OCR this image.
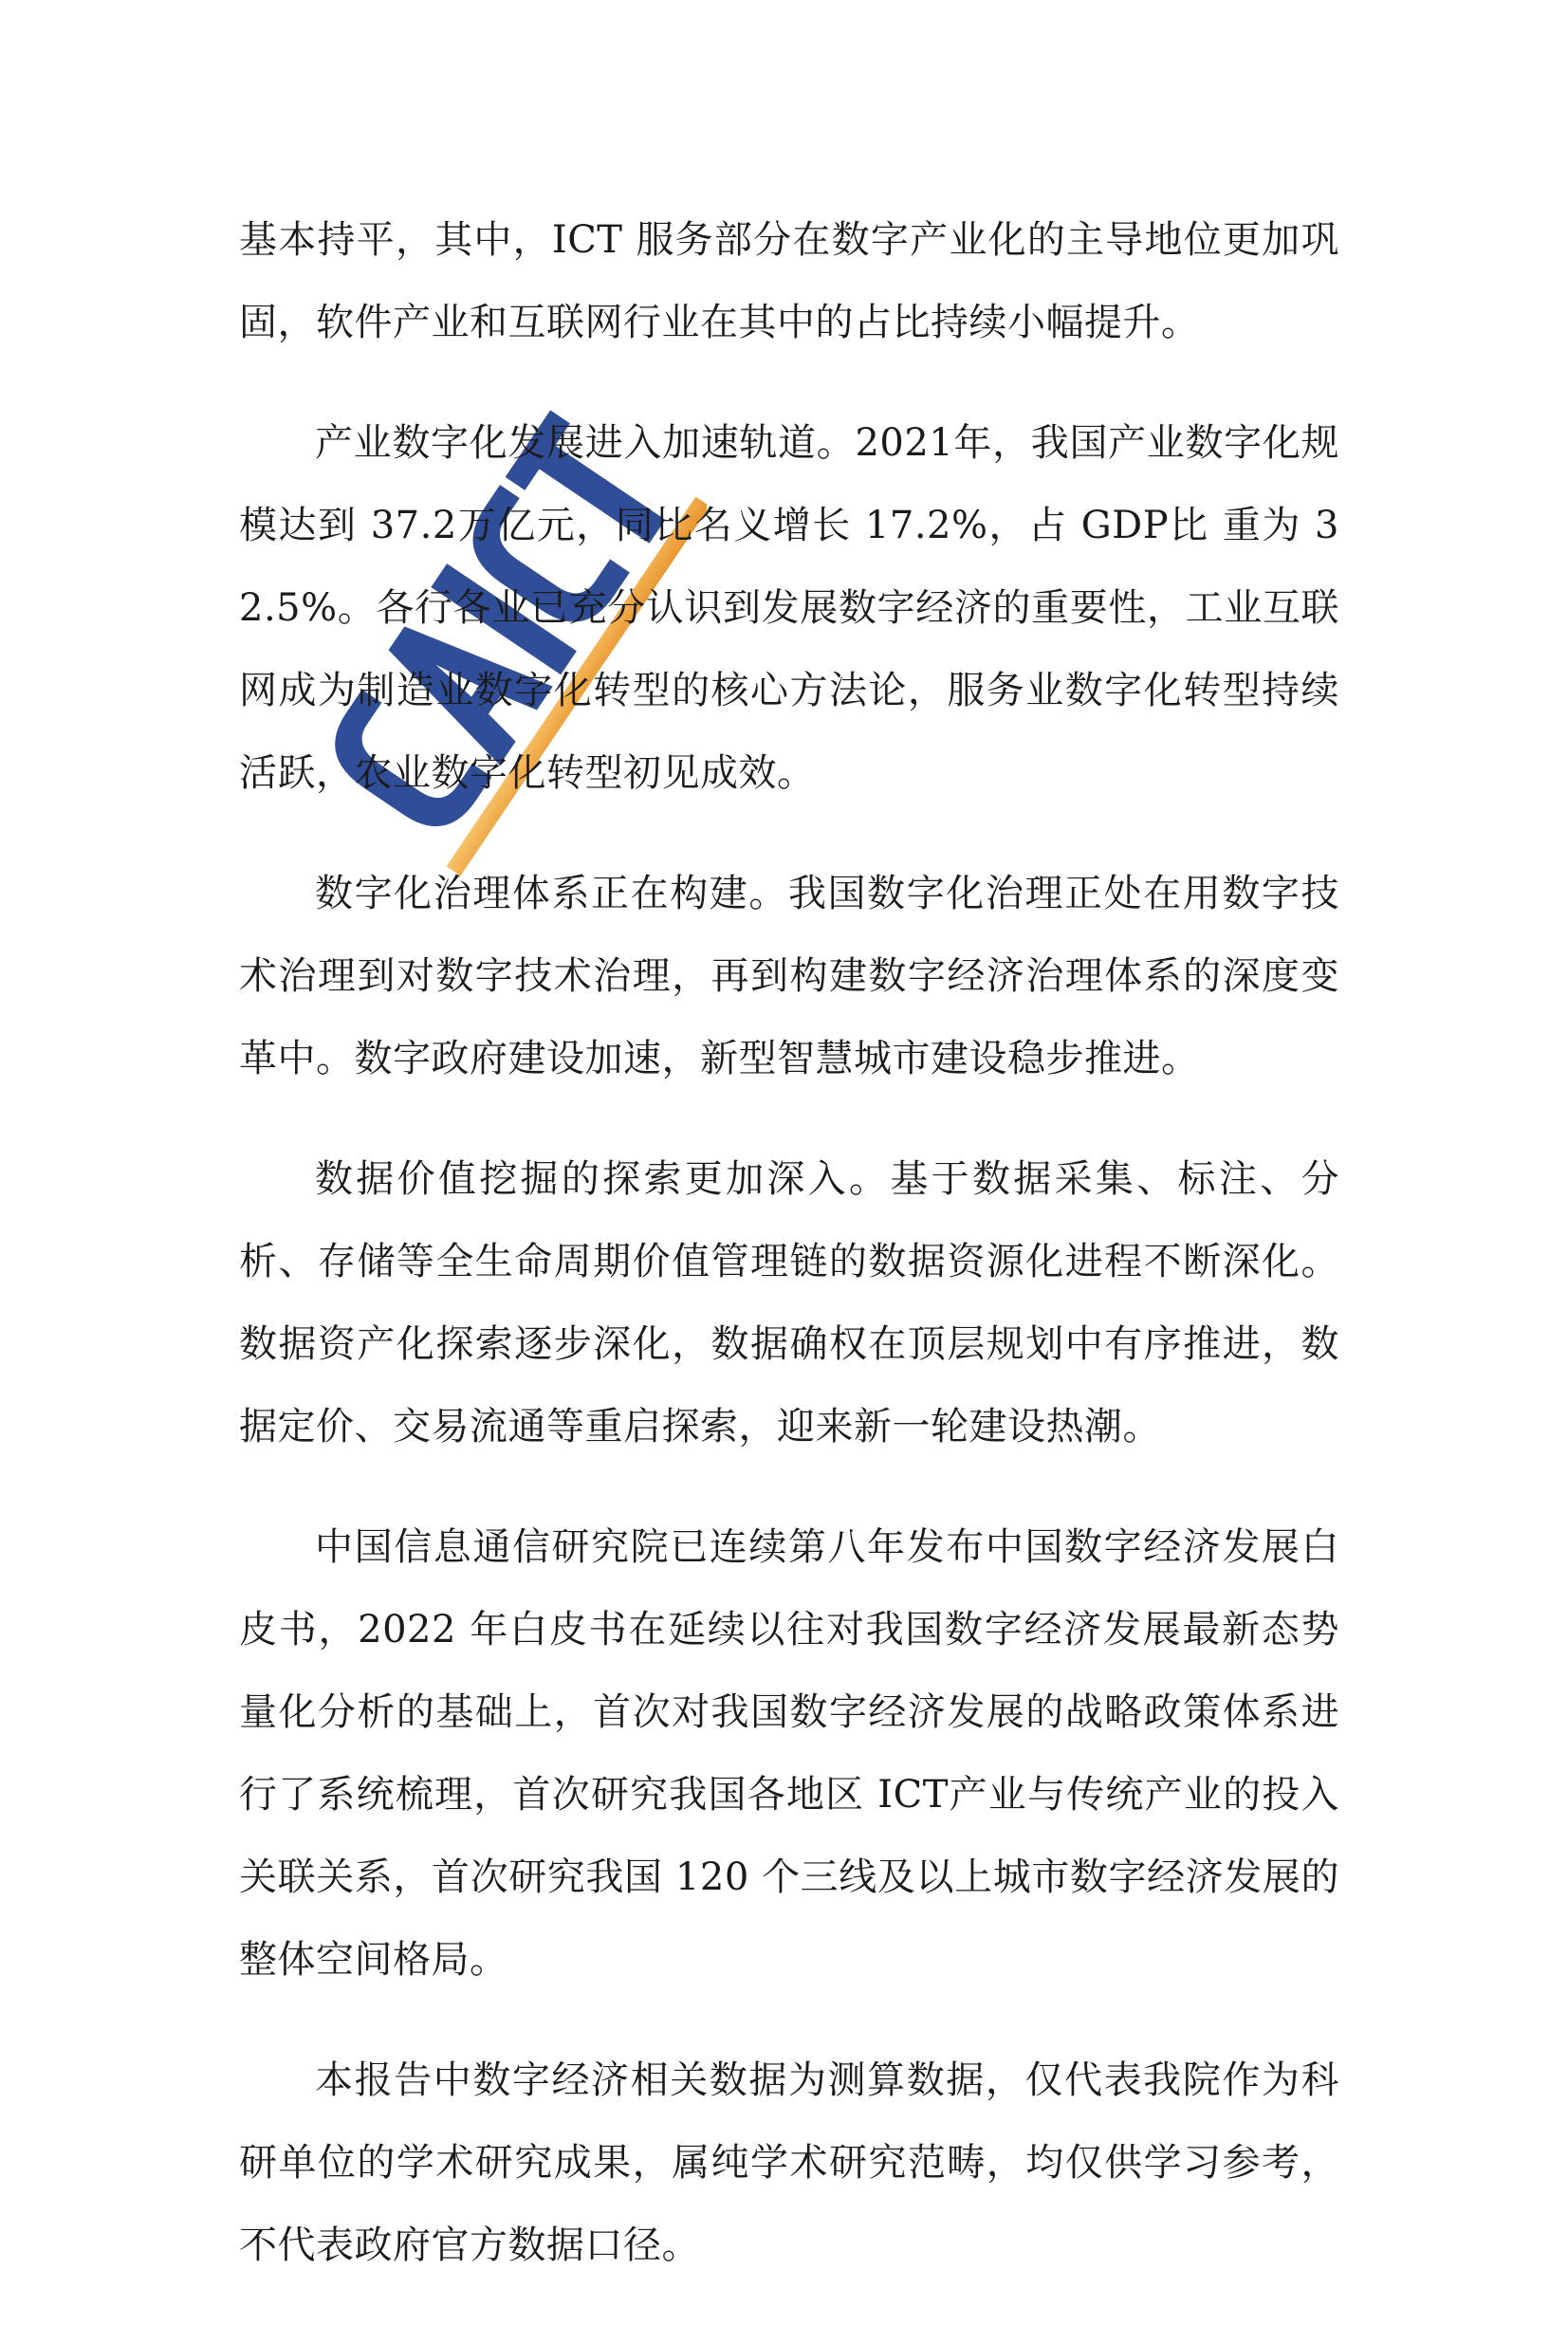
基本持平，其中，ICT 服务部分在数字产业化的主导地位更加巩固，软件产业和互联网行业在其中的占比持续小幅提升。

产业数字化发展进入加速轨道。2021年，我国产业数字化规模达到 37.2万亿元，同比名义增长 17.2%，占 GDP比 重为 32.5%。各行各业已充分认识到发展数字经济的重要性，工业互联网成为制造业数字化转型的核心方法论，服务业数字化转型持续活跃，农业数字化转型初见成效。

数字化治理体系正在构建。我国数字化治理正处在用数字技术治理到对数字技术治理，再到构建数字经济治理体系的深度变革中。数字政府建设加速，新型智慧城市建设稳步推进。

数据价值挖掘的探索更加深入。基于数据采集、标注、分析、存储等全生命周期价值管理链的数据资源化进程不断深化。数据资产化探索逐步深化，数据确权在顶层规划中有序推进，数据定价、交易流通等重启探索，迎来新一轮建设热潮。

中国信息通信研究院已连续第八年发布中国数字经济发展白皮书，2022 年白皮书在延续以往对我国数字经济发展最新态势量化分析的基础上，首次对我国数字经济发展的战略政策体系进行了系统梳理，首次研究我国各地区 ICT产业与传统产业的投入关联关系，首次研究我国 120 个三线及以上城市数字经济发展的整体空间格局。

本报告中数字经济相关数据为测算数据，仅代表我院作为科研单位的学术研究成果，属纯学术研究范畴，均仅供学习参考，不代表政府官方数据口径。
